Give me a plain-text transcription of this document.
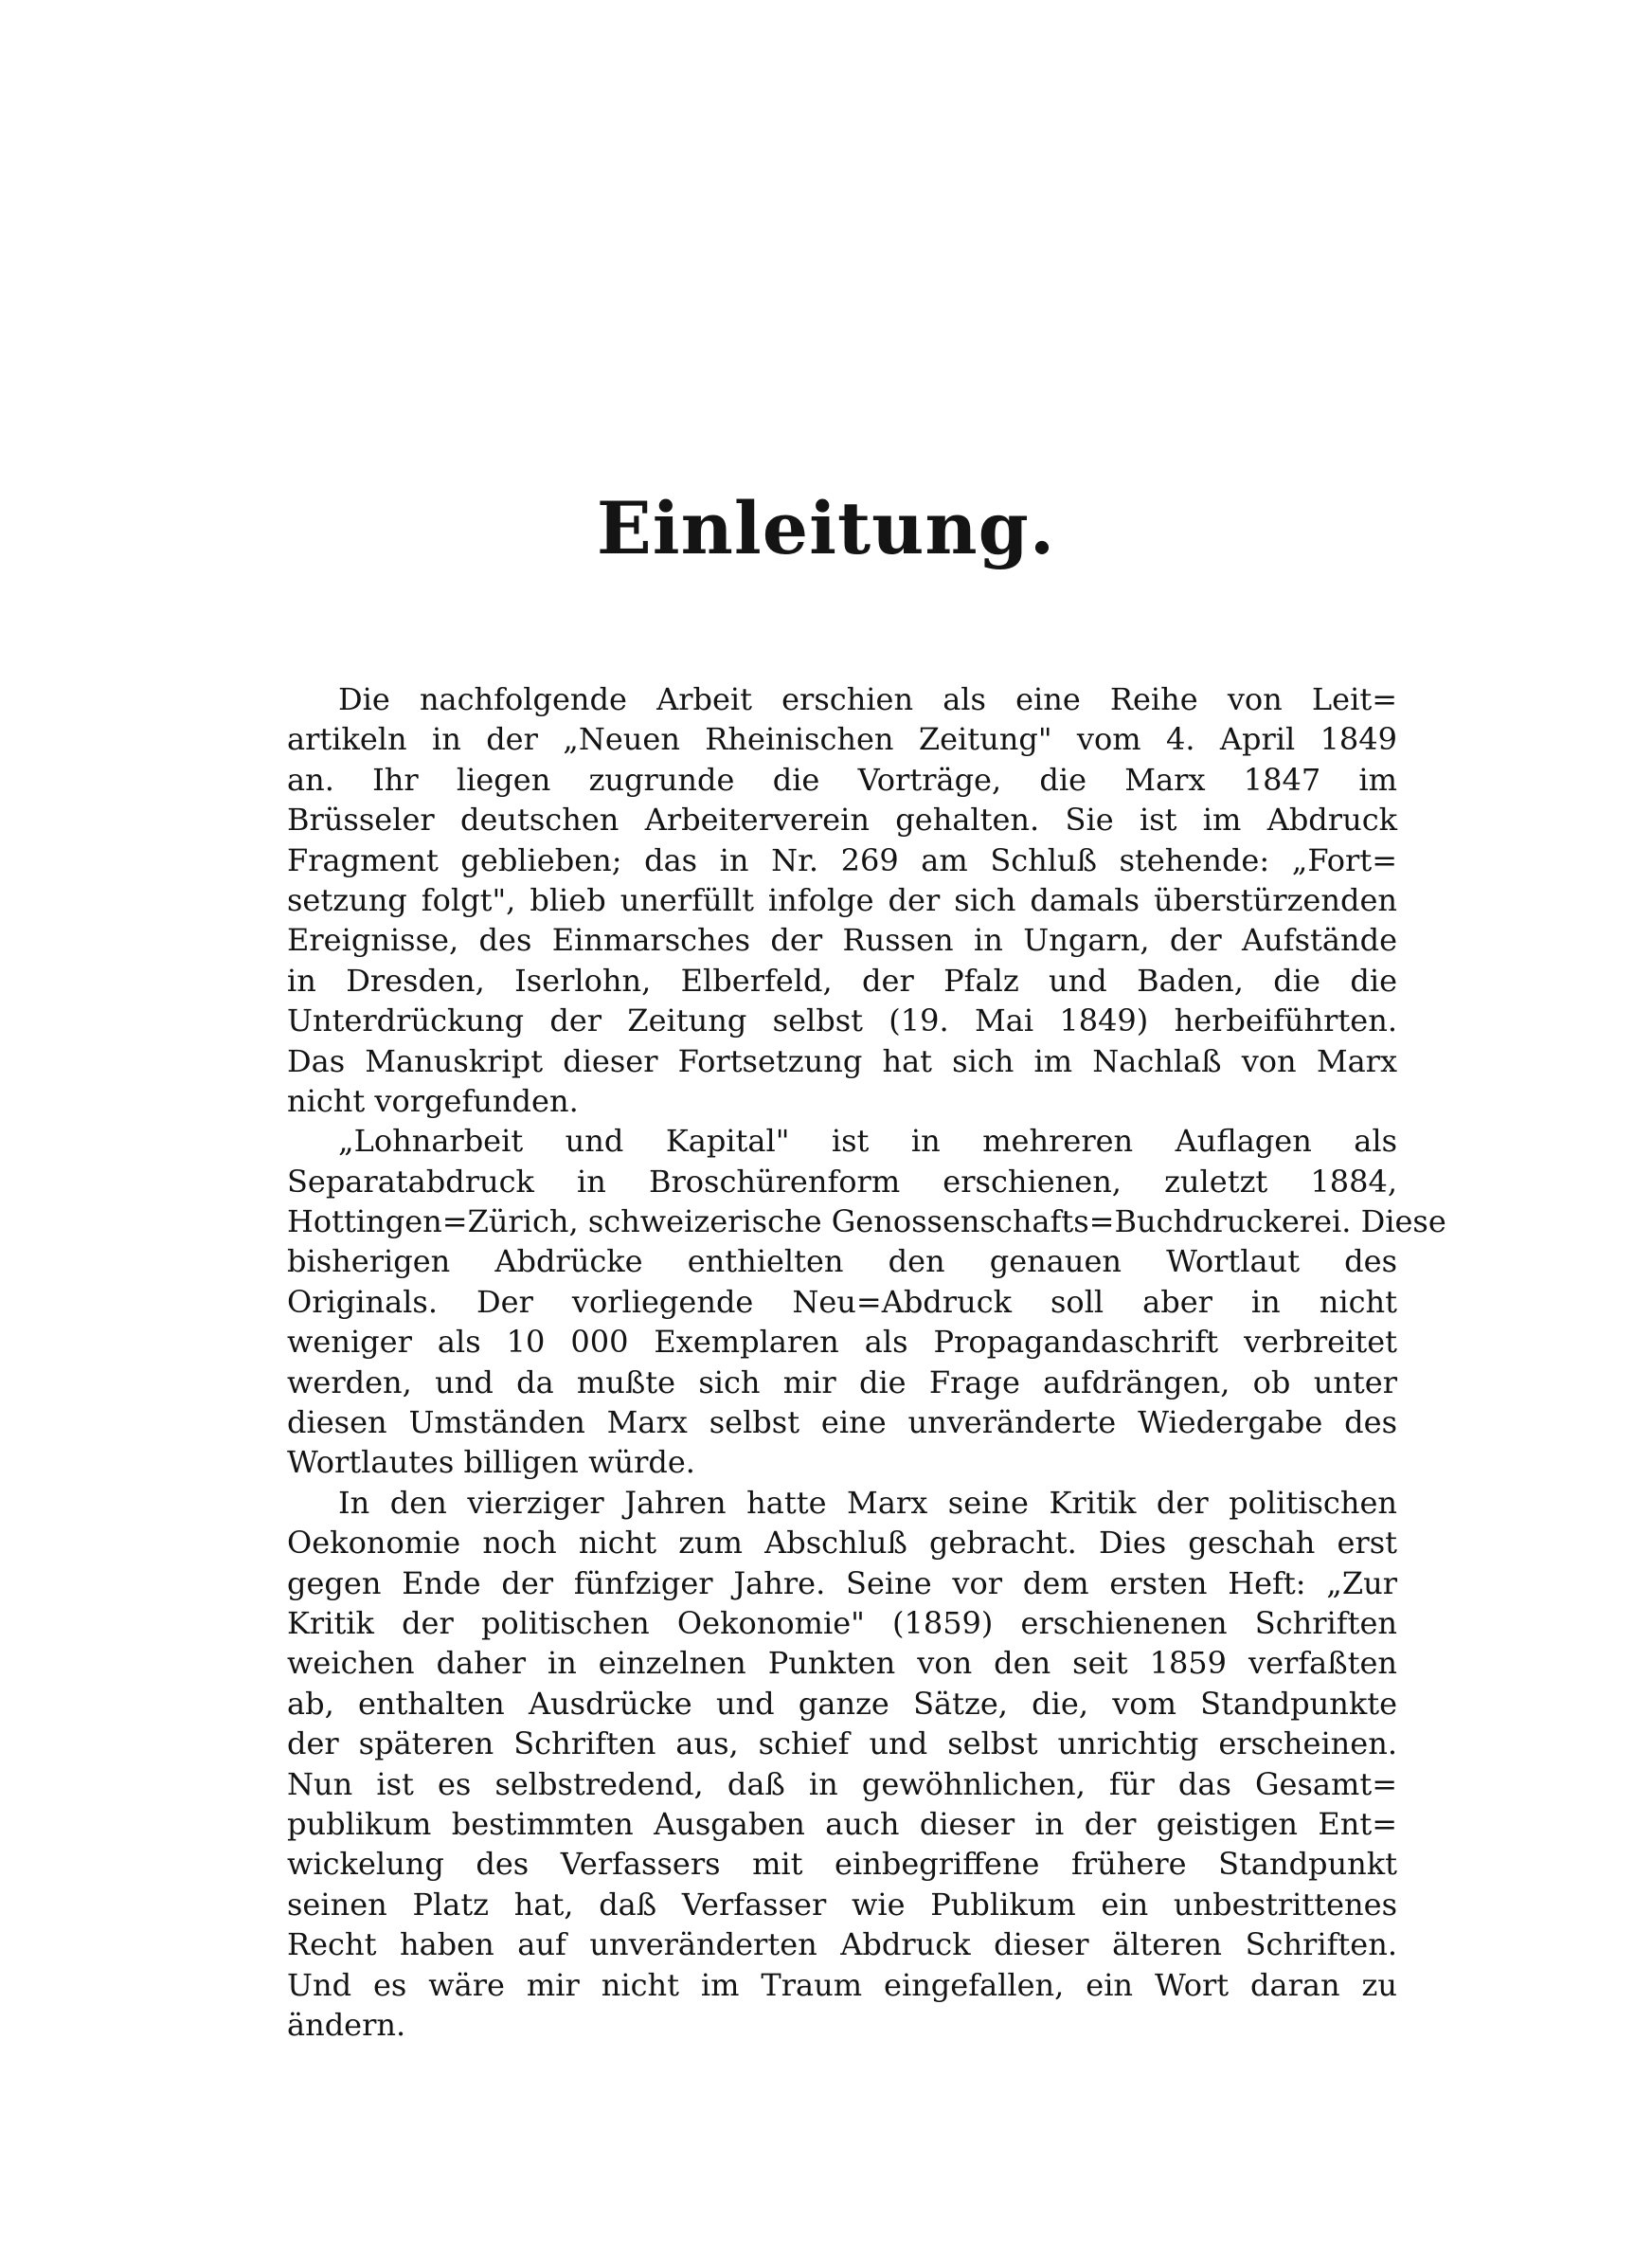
Einleitung.
Die nachfolgende Arbeit erschien als eine Reihe von Leit=
artikeln in der „Neuen Rheinischen Zeitung" vom 4. April 1849
an. Ihr liegen zugrunde die Vorträge, die Marx 1847 im
Brüsseler deutschen Arbeiterverein gehalten. Sie ist im Abdruck
Fragment geblieben; das in Nr. 269 am Schluß stehende: „Fort=
setzung folgt", blieb unerfüllt infolge der sich damals überstürzenden
Ereignisse, des Einmarsches der Russen in Ungarn, der Aufstände
in Dresden, Iserlohn, Elberfeld, der Pfalz und Baden, die die
Unterdrückung der Zeitung selbst (19. Mai 1849) herbeiführten.
Das Manuskript dieser Fortsetzung hat sich im Nachlaß von Marx
nicht vorgefunden.
„Lohnarbeit und Kapital" ist in mehreren Auflagen als
Separatabdruck in Broschürenform erschienen, zuletzt 1884,
Hottingen=Zürich, schweizerische Genossenschafts=Buchdruckerei. Diese
bisherigen Abdrücke enthielten den genauen Wortlaut des
Originals. Der vorliegende Neu=Abdruck soll aber in nicht
weniger als 10 000 Exemplaren als Propagandaschrift verbreitet
werden, und da mußte sich mir die Frage aufdrängen, ob unter
diesen Umständen Marx selbst eine unveränderte Wiedergabe des
Wortlautes billigen würde.
In den vierziger Jahren hatte Marx seine Kritik der politischen
Oekonomie noch nicht zum Abschluß gebracht. Dies geschah erst
gegen Ende der fünfziger Jahre. Seine vor dem ersten Heft: „Zur
Kritik der politischen Oekonomie" (1859) erschienenen Schriften
weichen daher in einzelnen Punkten von den seit 1859 verfaßten
ab, enthalten Ausdrücke und ganze Sätze, die, vom Standpunkte
der späteren Schriften aus, schief und selbst unrichtig erscheinen.
Nun ist es selbstredend, daß in gewöhnlichen, für das Gesamt=
publikum bestimmten Ausgaben auch dieser in der geistigen Ent=
wickelung des Verfassers mit einbegriffene frühere Standpunkt
seinen Platz hat, daß Verfasser wie Publikum ein unbestrittenes
Recht haben auf unveränderten Abdruck dieser älteren Schriften.
Und es wäre mir nicht im Traum eingefallen, ein Wort daran zu
ändern.
